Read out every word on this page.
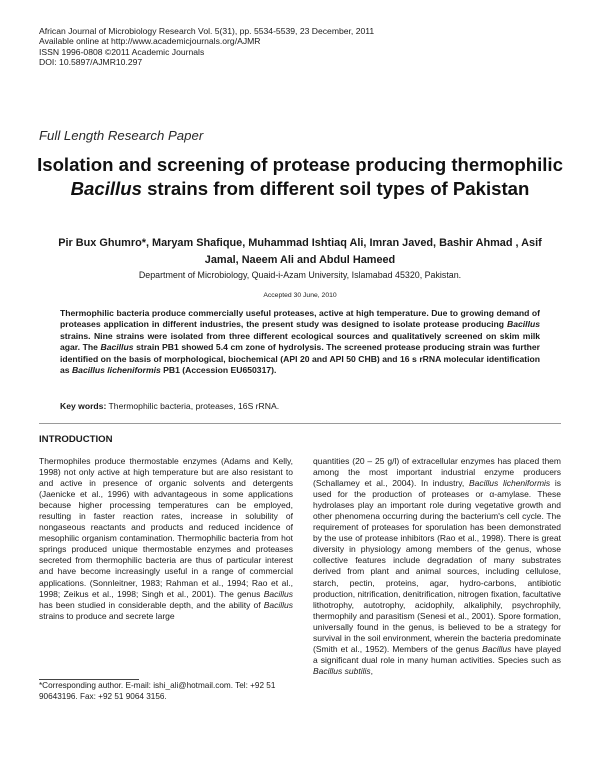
African Journal of Microbiology Research Vol. 5(31), pp. 5534-5539, 23 December, 2011
Available online at http://www.academicjournals.org/AJMR
ISSN 1996-0808 ©2011 Academic Journals
DOI: 10.5897/AJMR10.297
Full Length Research Paper
Isolation and screening of protease producing thermophilic Bacillus strains from different soil types of Pakistan
Pir Bux Ghumro*, Maryam Shafique, Muhammad Ishtiaq Ali, Imran Javed, Bashir Ahmad , Asif Jamal, Naeem Ali and Abdul Hameed
Department of Microbiology, Quaid-i-Azam University, Islamabad 45320, Pakistan.
Accepted 30 June, 2010
Thermophilic bacteria produce commercially useful proteases, active at high temperature. Due to growing demand of proteases application in different industries, the present study was designed to isolate protease producing Bacillus strains. Nine strains were isolated from three different ecological sources and qualitatively screened on skim milk agar. The Bacillus strain PB1 showed 5.4 cm zone of hydrolysis. The screened protease producing strain was further identified on the basis of morphological, biochemical (API 20 and API 50 CHB) and 16 s rRNA molecular identification as Bacillus licheniformis PB1 (Accession EU650317).
Key words: Thermophilic bacteria, proteases, 16S rRNA.
INTRODUCTION
Thermophiles produce thermostable enzymes (Adams and Kelly, 1998) not only active at high temperature but are also resistant to and active in presence of organic solvents and detergents (Jaenicke et al., 1996) with advantageous in some applications because higher processing temperatures can be employed, resulting in faster reaction rates, increase in solubility of nongaseous reactants and products and reduced incidence of mesophilic organism contamination. Thermophilic bacteria from hot springs produced unique thermostable enzymes and proteases secreted from thermophilic bacteria are thus of particular interest and have become increasingly useful in a range of commercial applications. (Sonnleitner, 1983; Rahman et al., 1994; Rao et al., 1998; Zeikus et al., 1998; Singh et al., 2001). The genus Bacillus has been studied in considerable depth, and the ability of Bacillus strains to produce and secrete large
quantities (20 – 25 g/l) of extracellular enzymes has placed them among the most important industrial enzyme producers (Schallamey et al., 2004). In industry, Bacillus licheniformis is used for the production of proteases or α-amylase. These hydrolases play an important role during vegetative growth and other phenomena occurring during the bacterium's cell cycle. The requirement of proteases for sporulation has been demonstrated by the use of protease inhibitors (Rao et al., 1998). There is great diversity in physiology among members of the genus, whose collective features include degradation of many substrates derived from plant and animal sources, including cellulose, starch, pectin, proteins, agar, hydro-carbons, antibiotic production, nitrification, denitrification, nitrogen fixation, facultative lithotrophy, autotrophy, acidophily, alkaliphily, psychrophily, thermophily and parasitism (Senesi et al., 2001). Spore formation, universally found in the genus, is believed to be a strategy for survival in the soil environment, wherein the bacteria predominate (Smith et al., 1952). Members of the genus Bacillus have played a significant dual role in many human activities. Species such as Bacillus subtilis,
*Corresponding author. E-mail: ishi_ali@hotmail.com. Tel: +92 51 90643196. Fax: +92 51 9064 3156.
